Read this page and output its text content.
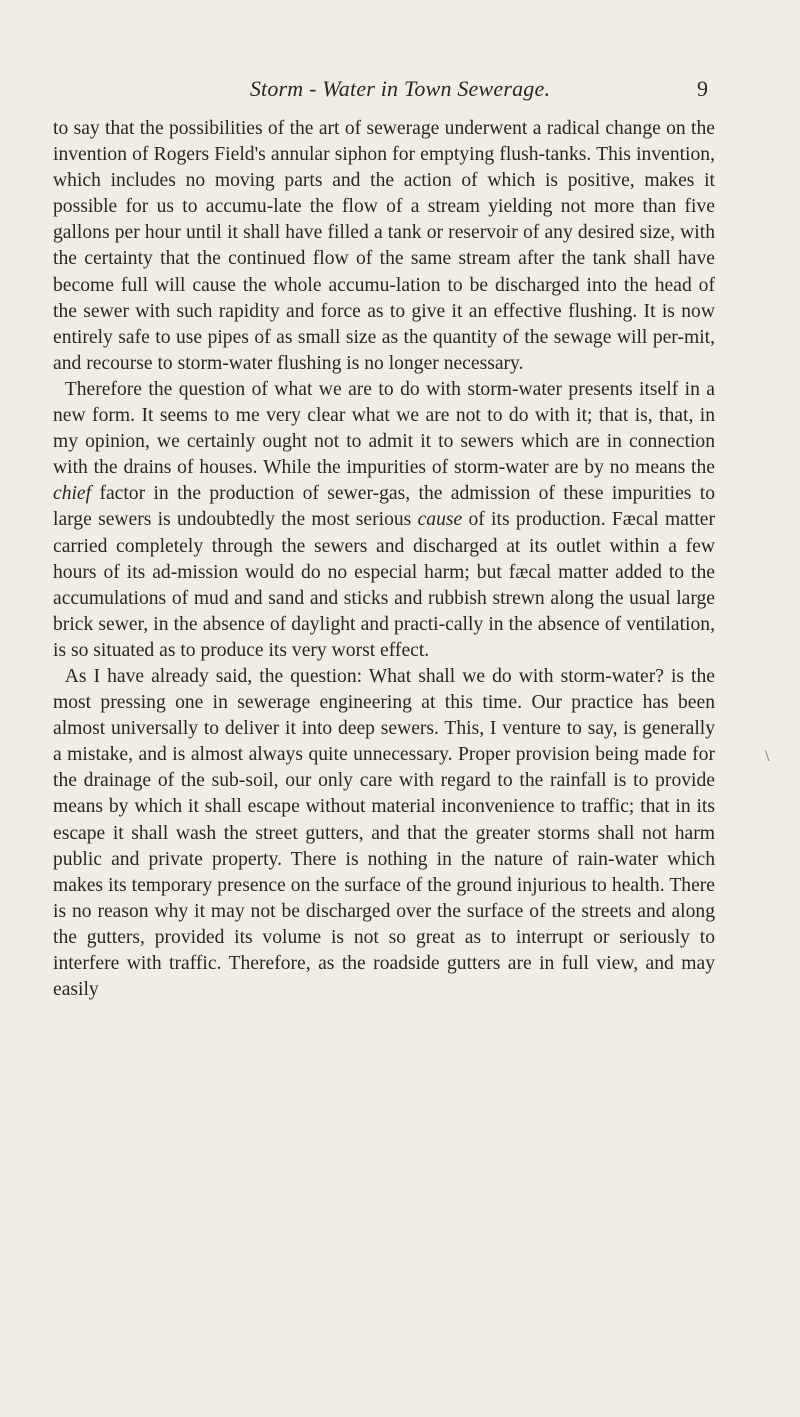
Storm - Water in Town Sewerage.	9

to say that the possibilities of the art of sewerage underwent a radical change on the invention of Rogers Field's annular siphon for emptying flush-tanks. This invention, which includes no moving parts and the action of which is positive, makes it possible for us to accumu-late the flow of a stream yielding not more than five gallons per hour until it shall have filled a tank or reservoir of any desired size, with the certainty that the continued flow of the same stream after the tank shall have become full will cause the whole accumu-lation to be discharged into the head of the sewer with such rapidity and force as to give it an effective flushing. It is now entirely safe to use pipes of as small size as the quantity of the sewage will per-mit, and recourse to storm-water flushing is no longer necessary.

Therefore the question of what we are to do with storm-water presents itself in a new form. It seems to me very clear what we are not to do with it; that is, that, in my opinion, we certainly ought not to admit it to sewers which are in connection with the drains of houses. While the impurities of storm-water are by no means the chief factor in the production of sewer-gas, the admission of these impurities to large sewers is undoubtedly the most serious cause of its production. Fæcal matter carried completely through the sewers and discharged at its outlet within a few hours of its ad-mission would do no especial harm; but fæcal matter added to the accumulations of mud and sand and sticks and rubbish strewn along the usual large brick sewer, in the absence of daylight and practi-cally in the absence of ventilation, is so situated as to produce its very worst effect.

As I have already said, the question: What shall we do with storm-water? is the most pressing one in sewerage engineering at this time. Our practice has been almost universally to deliver it into deep sewers. This, I venture to say, is generally a mistake, and is almost always quite unnecessary. Proper provision being made for the drainage of the sub-soil, our only care with regard to the rainfall is to provide means by which it shall escape without material inconvenience to traffic; that in its escape it shall wash the street gutters, and that the greater storms shall not harm public and private property. There is nothing in the nature of rain-water which makes its temporary presence on the surface of the ground injurious to health. There is no reason why it may not be discharged over the surface of the streets and along the gutters, provided its volume is not so great as to interrupt or seriously to interfere with traffic. Therefore, as the roadside gutters are in full view, and may easily

\
